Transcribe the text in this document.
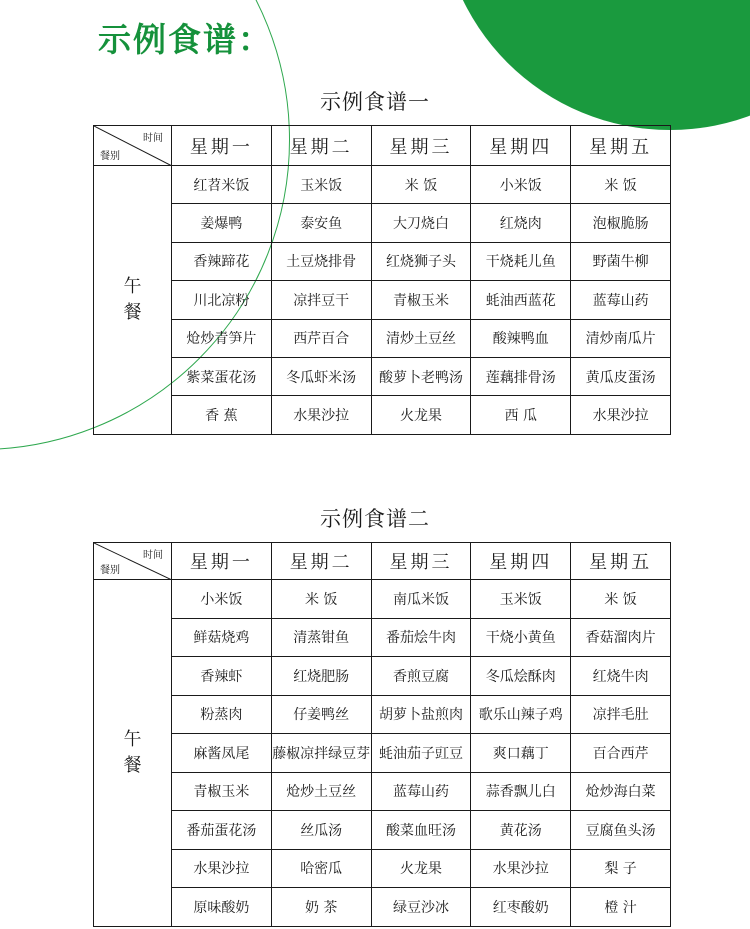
示例食谱：
示例食谱一
时间
餐别	星期一	星期二	星期三	星期四	星期五
午餐	红苕米饭	玉米饭	米 饭	小米饭	米 饭
	姜爆鸭	泰安鱼	大刀烧白	红烧肉	泡椒脆肠
	香辣蹄花	土豆烧排骨	红烧狮子头	干烧耗儿鱼	野菌牛柳
	川北凉粉	凉拌豆干	青椒玉米	蚝油西蓝花	蓝莓山药
	炝炒青笋片	西芹百合	清炒土豆丝	酸辣鸭血	清炒南瓜片
	紫菜蛋花汤	冬瓜虾米汤	酸萝卜老鸭汤	莲藕排骨汤	黄瓜皮蛋汤
	香 蕉	水果沙拉	火龙果	西 瓜	水果沙拉
示例食谱二
时间
餐别	星期一	星期二	星期三	星期四	星期五
午餐	小米饭	米 饭	南瓜米饭	玉米饭	米 饭
	鲜菇烧鸡	清蒸钳鱼	番茄烩牛肉	干烧小黄鱼	香菇溜肉片
	香辣虾	红烧肥肠	香煎豆腐	冬瓜烩酥肉	红烧牛肉
	粉蒸肉	仔姜鸭丝	胡萝卜盐煎肉	歌乐山辣子鸡	凉拌毛肚
	麻酱凤尾	藤椒凉拌绿豆芽	蚝油茄子豇豆	爽口藕丁	百合西芹
	青椒玉米	炝炒土豆丝	蓝莓山药	蒜香飘儿白	炝炒海白菜
	番茄蛋花汤	丝瓜汤	酸菜血旺汤	黄花汤	豆腐鱼头汤
	水果沙拉	哈密瓜	火龙果	水果沙拉	梨 子
	原味酸奶	奶 茶	绿豆沙冰	红枣酸奶	橙 汁
